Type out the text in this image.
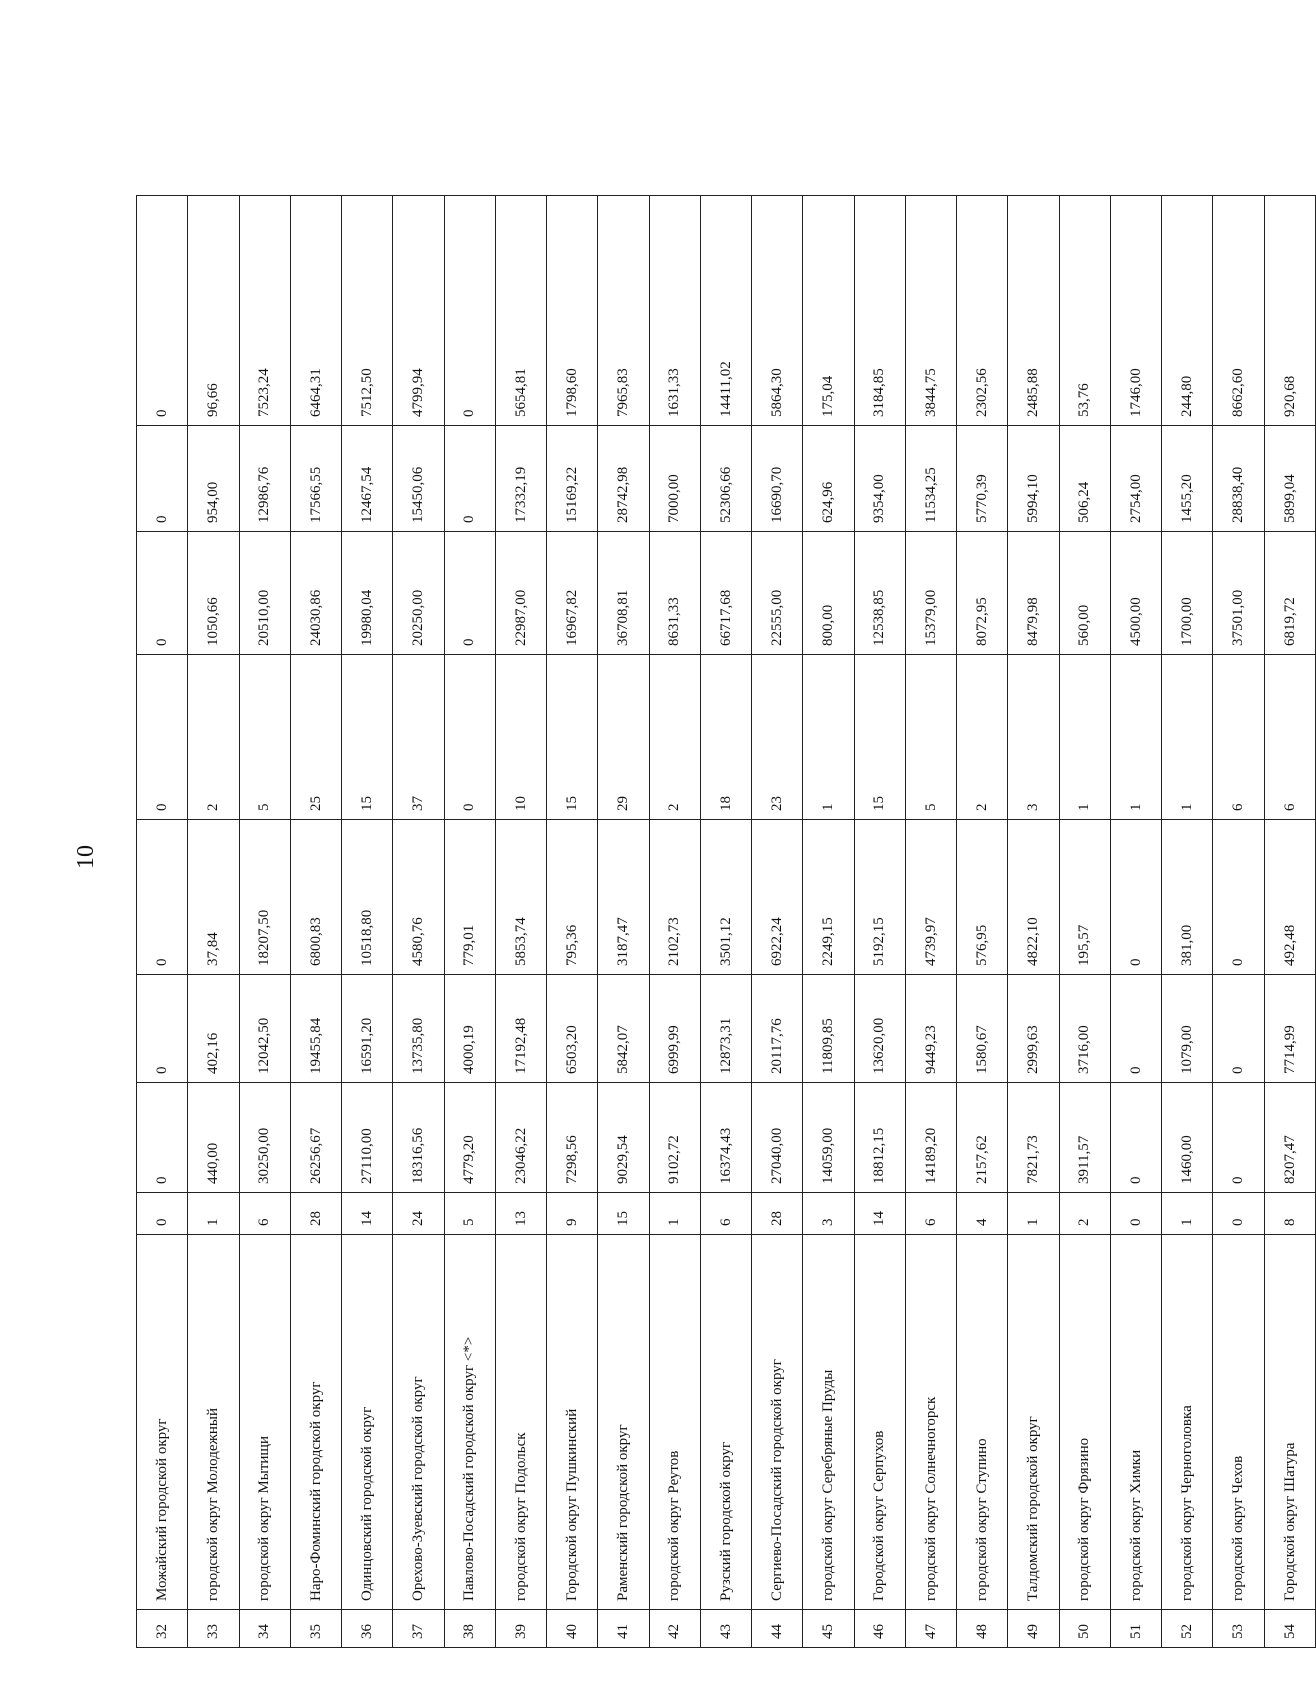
10
32	Можайский городской округ	0	0	0	0	0	0	0	0
33	городской округ Молодежный	1	440,00	402,16	37,84	2	1050,66	954,00	96,66
34	городской округ Мытищи	6	30250,00	12042,50	18207,50	5	20510,00	12986,76	7523,24
35	Наро-Фоминский городской округ	28	26256,67	19455,84	6800,83	25	24030,86	17566,55	6464,31
36	Одинцовский городской округ	14	27110,00	16591,20	10518,80	15	19980,04	12467,54	7512,50
37	Орехово-Зуевский городской округ	24	18316,56	13735,80	4580,76	37	20250,00	15450,06	4799,94
38	Павлово-Посадский городской округ <*>	5	4779,20	4000,19	779,01	0	0	0	0
39	городской округ Подольск	13	23046,22	17192,48	5853,74	10	22987,00	17332,19	5654,81
40	Городской округ Пушкинский	9	7298,56	6503,20	795,36	15	16967,82	15169,22	1798,60
41	Раменский городской округ	15	9029,54	5842,07	3187,47	29	36708,81	28742,98	7965,83
42	городской округ Реутов	1	9102,72	6999,99	2102,73	2	8631,33	7000,00	1631,33
43	Рузский городской округ	6	16374,43	12873,31	3501,12	18	66717,68	52306,66	14411,02
44	Сергиево-Посадский городской округ	28	27040,00	20117,76	6922,24	23	22555,00	16690,70	5864,30
45	городской округ Серебряные Пруды	3	14059,00	11809,85	2249,15	1	800,00	624,96	175,04
46	Городской округ Серпухов	14	18812,15	13620,00	5192,15	15	12538,85	9354,00	3184,85
47	городской округ Солнечногорск	6	14189,20	9449,23	4739,97	5	15379,00	11534,25	3844,75
48	городской округ Ступино	4	2157,62	1580,67	576,95	2	8072,95	5770,39	2302,56
49	Талдомский городской округ	1	7821,73	2999,63	4822,10	3	8479,98	5994,10	2485,88
50	городской округ Фрязино	2	3911,57	3716,00	195,57	1	560,00	506,24	53,76
51	городской округ Химки	0	0	0	0	1	4500,00	2754,00	1746,00
52	городской округ Черноголовка	1	1460,00	1079,00	381,00	1	1700,00	1455,20	244,80
53	городской округ Чехов	0	0	0	0	6	37501,00	28838,40	8662,60
54	Городской округ Шатура	8	8207,47	7714,99	492,48	6	6819,72	5899,04	920,68
